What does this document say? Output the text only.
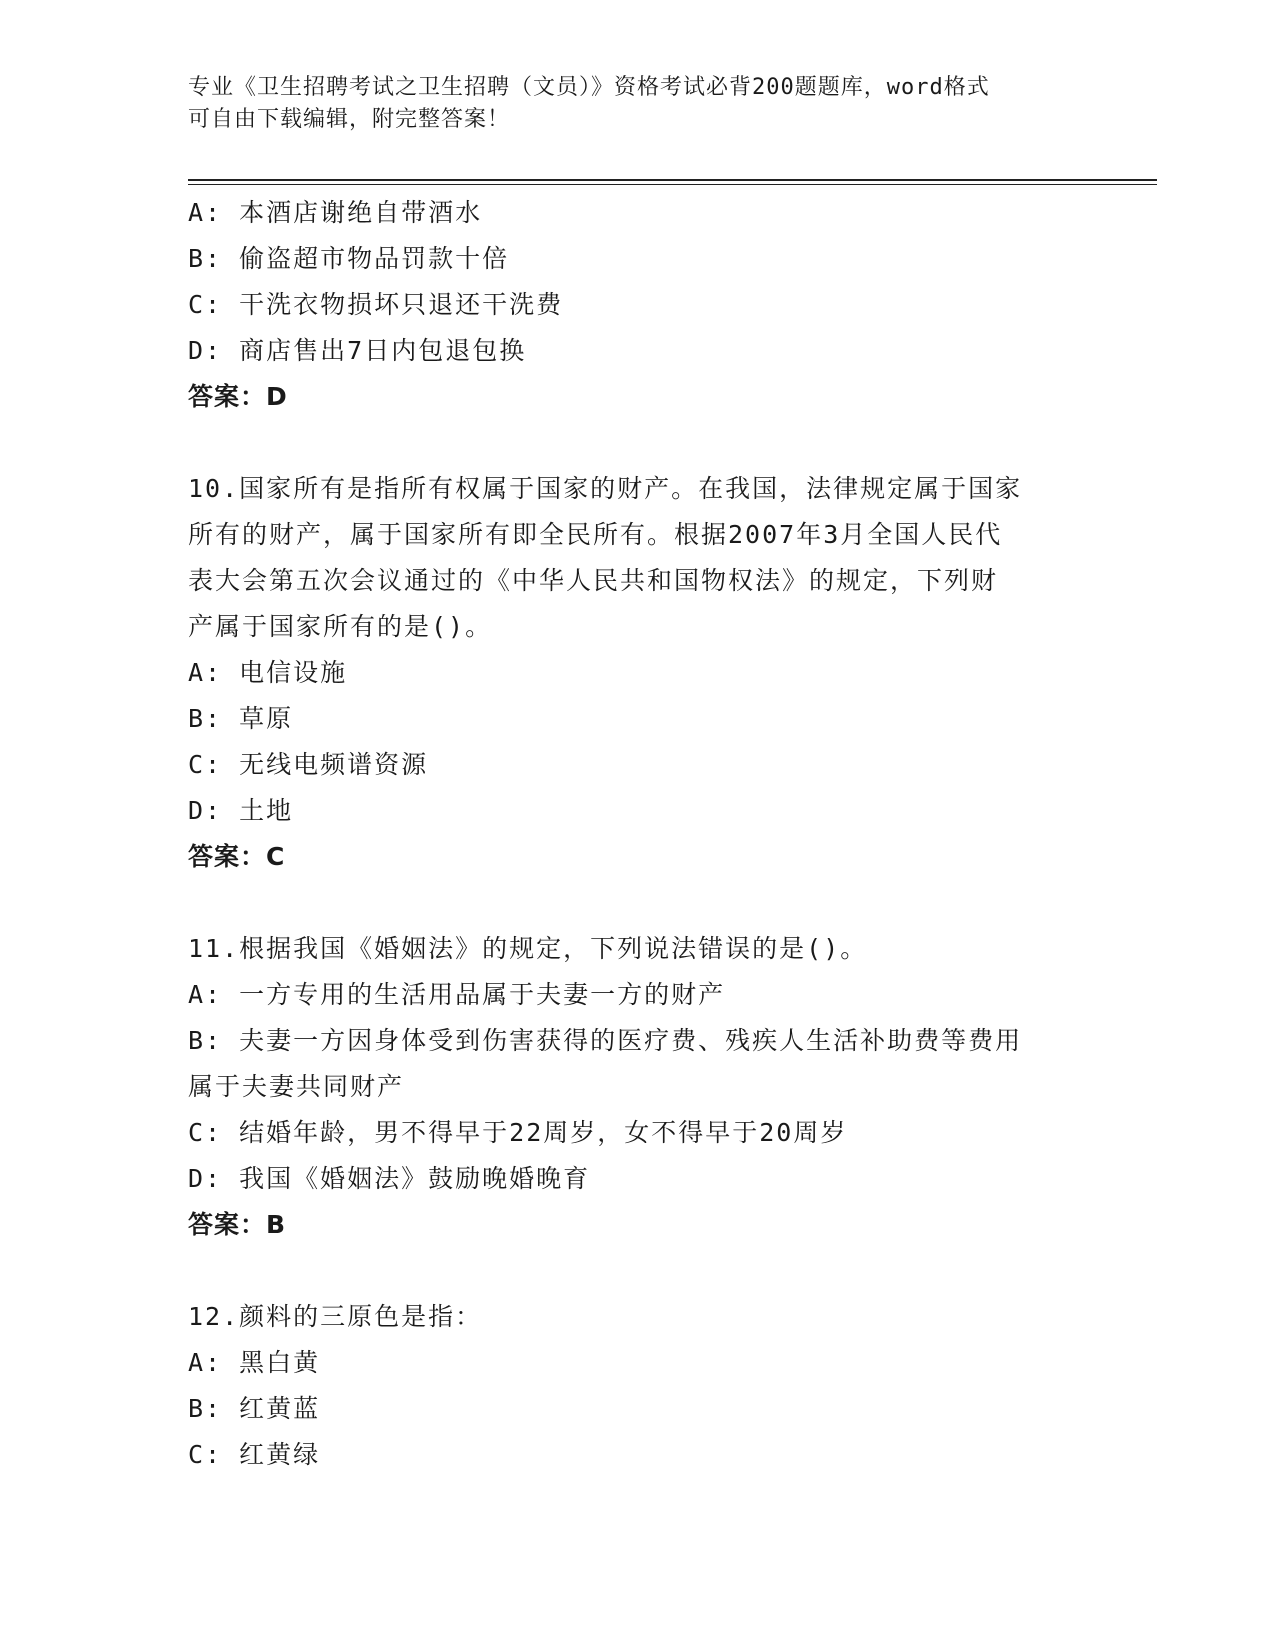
专业《卫生招聘考试之卫生招聘（文员）》资格考试必背200题题库，word格式
可自由下载编辑，附完整答案！

A: 本酒店谢绝自带酒水

B: 偷盗超市物品罚款十倍

C: 干洗衣物损坏只退还干洗费

D: 商店售出7日内包退包换

答案：D

10.国家所有是指所有权属于国家的财产。在我国，法律规定属于国家

所有的财产，属于国家所有即全民所有。根据2007年3月全国人民代

表大会第五次会议通过的《中华人民共和国物权法》的规定，下列财

产属于国家所有的是()。

A: 电信设施

B: 草原

C: 无线电频谱资源

D: 土地

答案：C

11.根据我国《婚姻法》的规定，下列说法错误的是()。

A: 一方专用的生活用品属于夫妻一方的财产

B: 夫妻一方因身体受到伤害获得的医疗费、残疾人生活补助费等费用

属于夫妻共同财产

C: 结婚年龄，男不得早于22周岁，女不得早于20周岁

D: 我国《婚姻法》鼓励晚婚晚育

答案：B

12.颜料的三原色是指：

A: 黑白黄

B: 红黄蓝

C: 红黄绿
